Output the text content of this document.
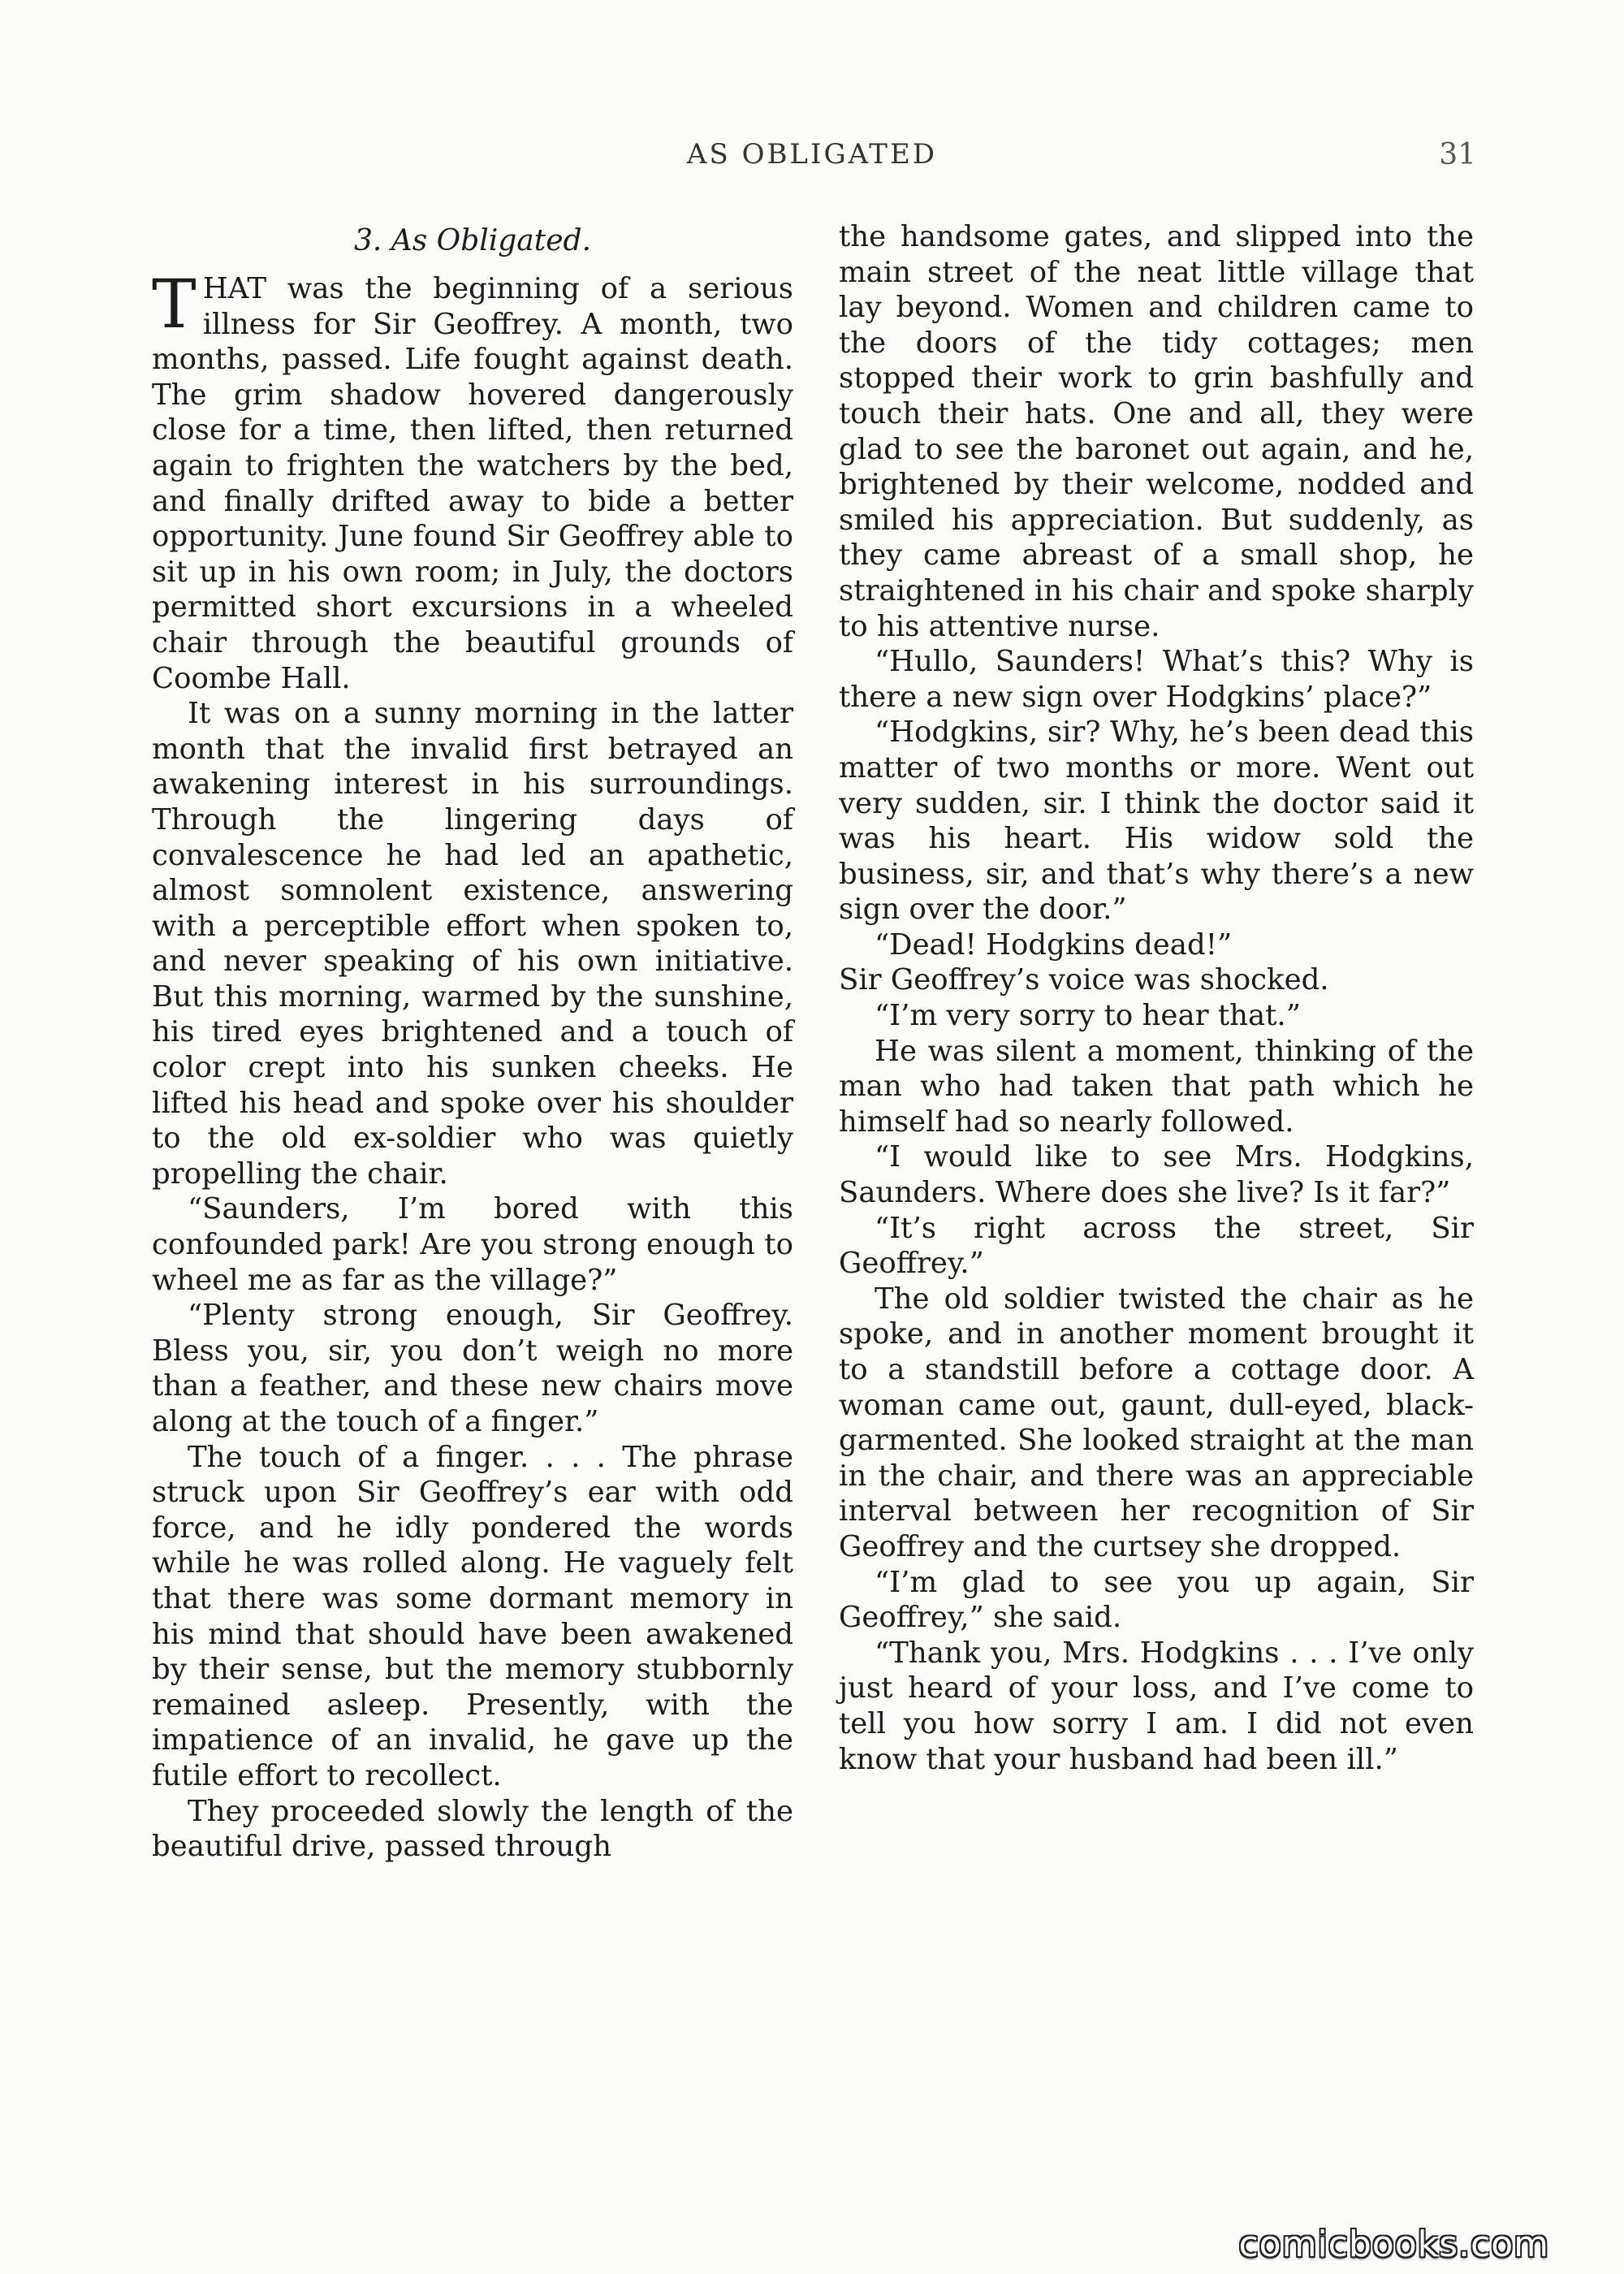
AS OBLIGATED	31
3. As Obligated.

THAT was the beginning of a serious illness for Sir Geoffrey. A month, two months, passed. Life fought against death. The grim shadow hovered dangerously close for a time, then lifted, then returned again to frighten the watchers by the bed, and finally drifted away to bide a better opportunity. June found Sir Geoffrey able to sit up in his own room; in July, the doctors permitted short excursions in a wheeled chair through the beautiful grounds of Coombe Hall.

It was on a sunny morning in the latter month that the invalid first betrayed an awakening interest in his surroundings. Through the lingering days of convalescence he had led an apathetic, almost somnolent existence, answering with a perceptible effort when spoken to, and never speaking of his own initiative. But this morning, warmed by the sunshine, his tired eyes brightened and a touch of color crept into his sunken cheeks. He lifted his head and spoke over his shoulder to the old ex-soldier who was quietly propelling the chair.

“Saunders, I’m bored with this confounded park! Are you strong enough to wheel me as far as the village?”

“Plenty strong enough, Sir Geoffrey. Bless you, sir, you don’t weigh no more than a feather, and these new chairs move along at the touch of a finger.”

The touch of a finger. . . . The phrase struck upon Sir Geoffrey’s ear with odd force, and he idly pondered the words while he was rolled along. He vaguely felt that there was some dormant memory in his mind that should have been awakened by their sense, but the memory stubbornly remained asleep. Presently, with the impatience of an invalid, he gave up the futile effort to recollect.

They proceeded slowly the length of the beautiful drive, passed through

the handsome gates, and slipped into the main street of the neat little village that lay beyond. Women and children came to the doors of the tidy cottages; men stopped their work to grin bashfully and touch their hats. One and all, they were glad to see the baronet out again, and he, brightened by their welcome, nodded and smiled his appreciation. But suddenly, as they came abreast of a small shop, he straightened in his chair and spoke sharply to his attentive nurse.

“Hullo, Saunders! What’s this? Why is there a new sign over Hodgkins’ place?”

“Hodgkins, sir? Why, he’s been dead this matter of two months or more. Went out very sudden, sir. I think the doctor said it was his heart. His widow sold the business, sir, and that’s why there’s a new sign over the door.”

“Dead! Hodgkins dead!”

Sir Geoffrey’s voice was shocked.

“I’m very sorry to hear that.”

He was silent a moment, thinking of the man who had taken that path which he himself had so nearly followed.

“I would like to see Mrs. Hodgkins, Saunders. Where does she live? Is it far?”

“It’s right across the street, Sir Geoffrey.”

The old soldier twisted the chair as he spoke, and in another moment brought it to a standstill before a cottage door. A woman came out, gaunt, dull-eyed, black-garmented. She looked straight at the man in the chair, and there was an appreciable interval between her recognition of Sir Geoffrey and the curtsey she dropped.

“I’m glad to see you up again, Sir Geoffrey,” she said.

“Thank you, Mrs. Hodgkins . . . I’ve only just heard of your loss, and I’ve come to tell you how sorry I am. I did not even know that your husband had been ill.”

comicbooks.com
